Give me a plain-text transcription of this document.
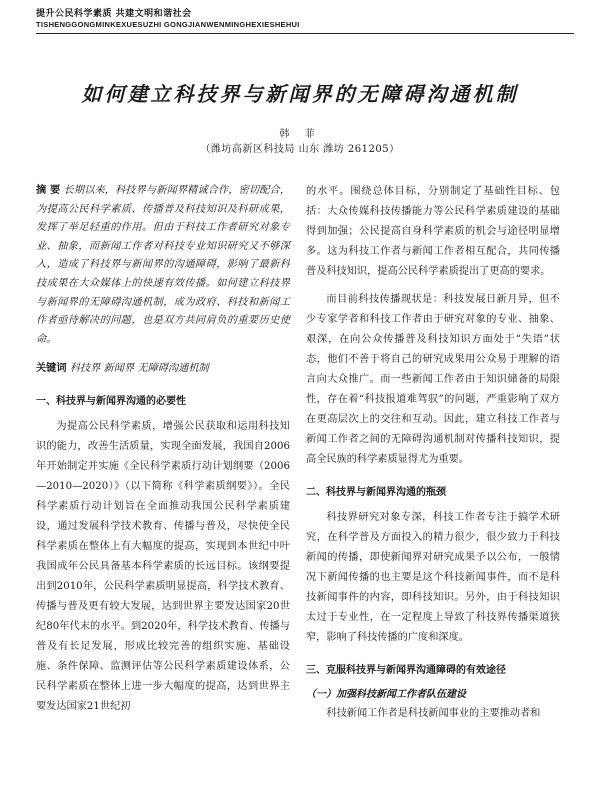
提升公民科学素质 共建文明和谐社会
TISHENGGONGMINKEXUESUZHI GONGJIANWENMINGHEXIESHEHUI
如何建立科技界与新闻界的无障碍沟通机制
韩 菲
（潍坊高新区科技局 山东 潍坊 261205）
摘 要 长期以来，科技界与新闻界精诚合作，密切配合，为提高公民科学素质、传播普及科技知识及科研成果，发挥了举足轻重的作用。但由于科技工作者研究对象专业、抽象，而新闻工作者对科技专业知识研究又不够深入，造成了科技界与新闻界的沟通障碍，影响了最新科技成果在大众媒体上的快速有效传播。如何建立科技界与新闻界的无障碍沟通机制，成为政府、科技和新闻工作者亟待解决的问题，也是双方共同肩负的重要历史使命。
关键词 科技界 新闻界 无障碍沟通机制
一、科技界与新闻界沟通的必要性

为提高公民科学素质，增强公民获取和运用科技知识的能力，改善生活质量，实现全面发展，我国自2006年开始制定并实施《全民科学素质行动计划纲要（2006—2010—2020）》（以下简称《科学素质纲要》）。全民科学素质行动计划旨在全面推动我国公民科学素质建设，通过发展科学技术教育、传播与普及，尽快使全民科学素质在整体上有大幅度的提高，实现到本世纪中叶我国成年公民具备基本科学素质的长远目标。该纲要提出到2010年，公民科学素质明显提高，科学技术教育、传播与普及更有较大发展，达到世界主要发达国家20世纪80年代末的水平。到2020年，科学技术教育、传播与普及有长足发展，形成比较完善的组织实施、基础设施、条件保障、监测评估等公民科学素质建设体系，公民科学素质在整体上进一步大幅度的提高，达到世界主要发达国家21世纪初

的水平。围绕总体目标，分别制定了基础性目标、包括：大众传媒科技传播能力等公民科学素质建设的基础得到加强；公民提高自身科学素质的机会与途径明显增多。这为科技工作者与新闻工作者相互配合，共同传播普及科技知识，提高公民科学素质提出了更高的要求。

而目前科技传播现状是：科技发展日新月异，但不少专家学者和科技工作者由于研究对象的专业、抽象、艰深，在向公众传播普及科技知识方面处于“失语”状态，他们不善于将自己的研究成果用公众易于理解的语言向大众推广。而一些新闻工作者由于知识储备的局限性，存在着“科技报道难驾驭”的问题，严重影响了双方在更高层次上的交往和互动。因此，建立科技工作者与新闻工作者之间的无障碍沟通机制对传播科技知识，提高全民族的科学素质显得尤为重要。

二、科技界与新闻界沟通的瓶颈

科技界研究对象专深，科技工作者专注于搞学术研究，在科学普及方面投入的精力很少，很少致力于科技新闻的传播，即使新闻界对研究成果予以公布，一般情况下新闻传播的也主要是这个科技新闻事件，而不是科技新闻事件的内容，即科技知识。另外，由于科技知识太过于专业性，在一定程度上导致了科技界传播渠道狭窄，影响了科技传播的广度和深度。

三、克服科技界与新闻界沟通障碍的有效途径
（一）加强科技新闻工作者队伍建设

科技新闻工作者是科技新闻事业的主要推动者和
